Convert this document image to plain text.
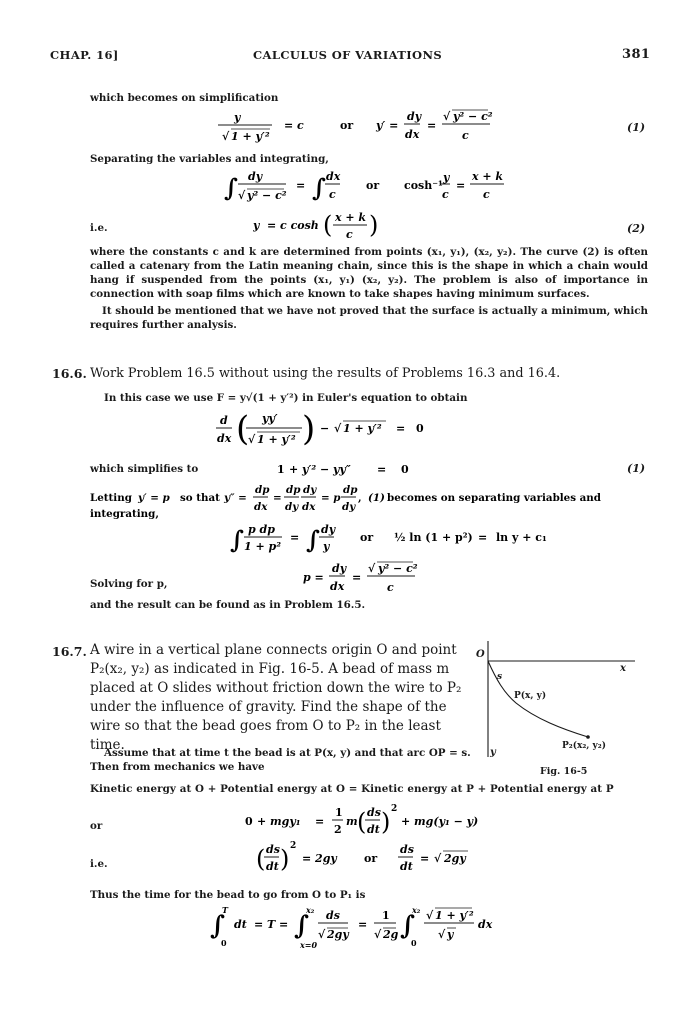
CHAP. 16]	CALCULUS OF VARIATIONS	381
which becomes on simplification
y
√ 1 + y′²
= c	or y′ =
dy
dx
=
√ y² − c²
c
(1)
Separating the variables and integrating,
∫ dy
√ y² − c²
= ∫ dx
c
or cosh⁻¹
y
c
=
x + k
c
i.e.	y = c cosh ( x + k
c )	(2)
where the constants c and k are determined from points (x₁, y₁), (x₂, y₂). The curve (2) is often called a catenary from the Latin meaning chain, since this is the shape in which a chain would hang if suspended from the points (x₁, y₁) (x₂, y₂). The problem is also of importance in connection with soap films which are known to take shapes having minimum surfaces.
It should be mentioned that we have not proved that the surface is actually a minimum, which requires further analysis.
16.6. Work Problem 16.5 without using the results of Problems 16.3 and 16.4.
In this case we use F = y√(1 + y′²) in Euler's equation to obtain
d
dx ( yy′
√ 1 + y′² ) − √ 1 + y′² = 0
which simplifies to	1 + y′² − yy″ = 0	(1)
Letting y′ = p so that y″ =
dp
dx
=
dp
dy
dy
dx
= p
dp
dy
, (1) becomes on separating variables and
integrating,
∫ p dp
1 + p²
= ∫ dy
y
or ½ ln (1 + p²) = ln y + c₁
Solving for p,	p =
dy
dx
=
√ y² − c²
c
and the result can be found as in Problem 16.5.
16.7. A wire in a vertical plane connects origin O and point P₂(x₂, y₂) as indicated in Fig. 16-5. A bead of mass m placed at O slides without friction down the wire to P₂ under the influence of gravity. Find the shape of the wire so that the bead goes from O to P₂ in the least time.
O
x
y
s
P(x, y)
P₂(x₂, y₂)
Fig. 16-5
Assume that at time t the bead is at P(x, y) and that arc OP = s. Then from mechanics we have
Kinetic energy at O + Potential energy at O = Kinetic energy at P + Potential energy at P
or	0 + mgy₁ =
1
2
m ( ds
dt ) 2
+ mg(y₁ − y)
i.e.	( ds
dt ) 2
= 2gy or
ds
dt
= √ 2gy
Thus the time for the bead to go from O to P₁ is
∫
T
0
dt = T = ∫
x₂
x=0
ds
√ 2gy
=
1
√ 2g ∫
x₂
0
√ 1 + y′²
√ y
dx
